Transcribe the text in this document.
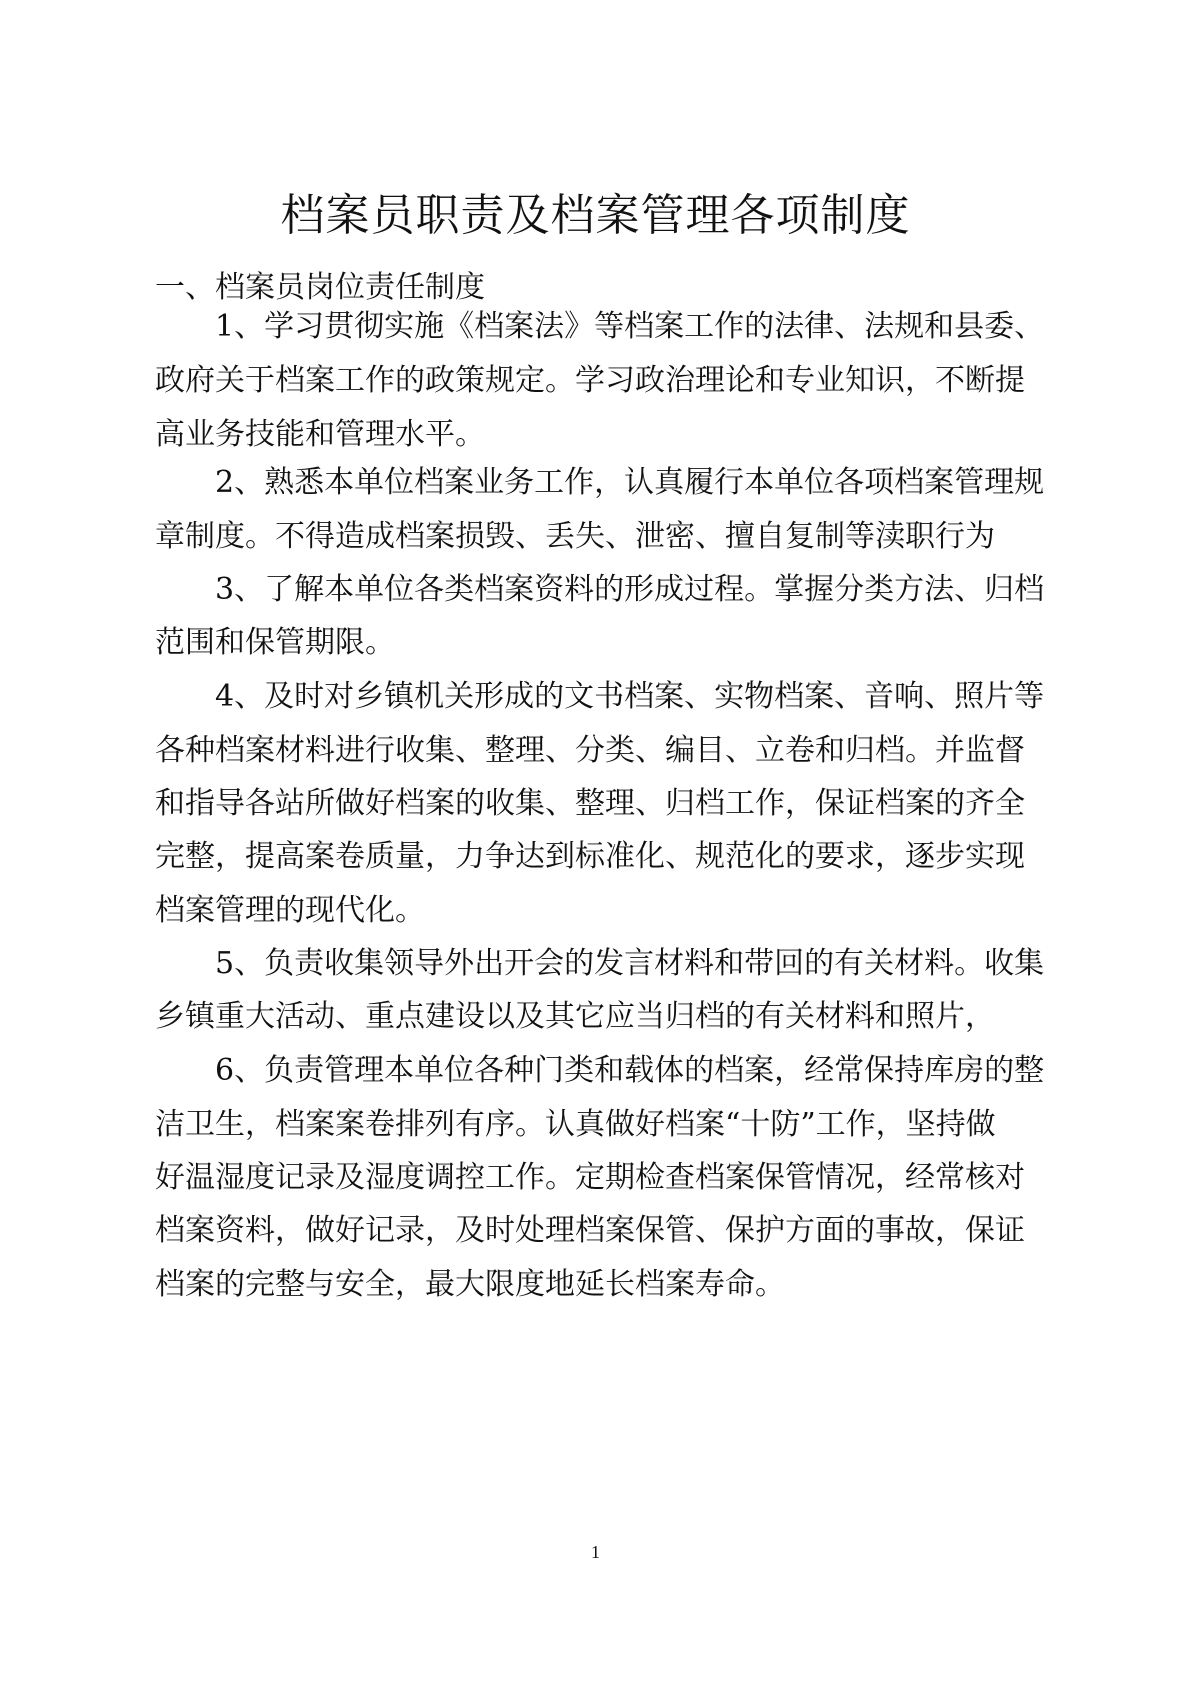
档案员职责及档案管理各项制度
一、档案员岗位责任制度
1、学习贯彻实施《档案法》等档案工作的法律、法规和县委、
政府关于档案工作的政策规定。学习政治理论和专业知识，不断提
高业务技能和管理水平。
2、熟悉本单位档案业务工作，认真履行本单位各项档案管理规
章制度。不得造成档案损毁、丢失、泄密、擅自复制等渎职行为
3、了解本单位各类档案资料的形成过程。掌握分类方法、归档
范围和保管期限。
4、及时对乡镇机关形成的文书档案、实物档案、音响、照片等
各种档案材料进行收集、整理、分类、编目、立卷和归档。并监督
和指导各站所做好档案的收集、整理、归档工作，保证档案的齐全
完整，提高案卷质量，力争达到标准化、规范化的要求，逐步实现
档案管理的现代化。
5、负责收集领导外出开会的发言材料和带回的有关材料。收集
乡镇重大活动、重点建设以及其它应当归档的有关材料和照片，
6、负责管理本单位各种门类和载体的档案，经常保持库房的整
洁卫生，档案案卷排列有序。认真做好档案“十防”工作，坚持做
好温湿度记录及湿度调控工作。定期检查档案保管情况，经常核对
档案资料，做好记录，及时处理档案保管、保护方面的事故，保证
档案的完整与安全，最大限度地延长档案寿命。
1
